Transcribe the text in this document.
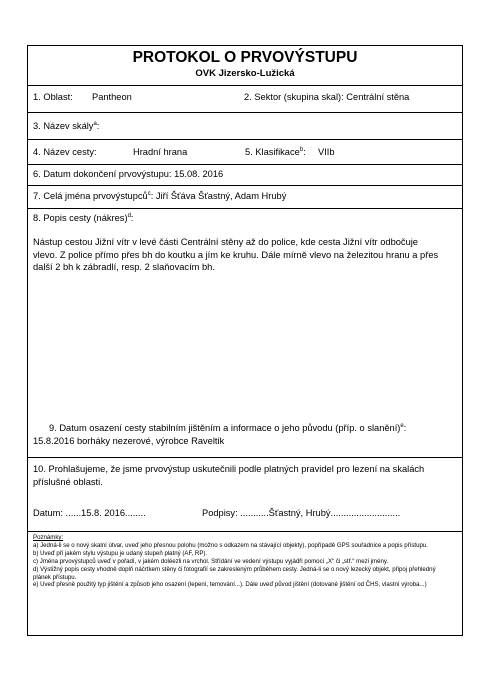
PROTOKOL O PRVOVÝSTUPU
OVK Jizersko-Lužická
1. Oblast: Pantheon	2. Sektor (skupina skal): Centrální stěna
3. Název skály$^a$:
4. Název cesty:	Hradní hrana	5. Klasifikace$^b$: VIIb
6. Datum dokončení prvovýstupu: 15.08. 2016
7. Celá jména prvovýstupců$^c$: Jiří Šťáva Šťastný, Adam Hrubý
8. Popis cesty (nákres)$^d$:
Nástup cestou Jižní vítr v levé části Centrální stěny až do police, kde cesta Jižní vítr odbočuje vlevo. Z police přímo přes bh do koutku a jím ke kruhu. Dále mírně vlevo na železitou hranu a přes další 2 bh k zábradlí, resp. 2 slaňovacím bh.
9. Datum osazení cesty stabilním jištěním a informace o jeho původu (příp. o slanění)$^e$:
15.8.2016 borháky nezerové, výrobce Raveltik
10. Prohlašujeme, že jsme prvovýstup uskutečnili podle platných pravidel pro lezení na skalách příslušné oblasti.
Datum: ......15.8. 2016........	Podpisy: ...........Šťastný, Hrubý...........................
Poznámky:
a) Jedná-li se o nový skalní útvar, uveď jeho přesnou polohu (možno s odkazem na stávající objekty), popřípadě GPS souřadnice a popis přístupu.
b) Uveď při jakém stylu výstupu je udaný stupeň platný (AF, RP).
c) Jména prvovýstupců uveď v pořadí, v jakém doléezli na vrchol. Střídání ve vedení výstupu vyjádři pomocí „X“ či „stř.“ mezi jmény.
d) Výstižný popis cesty vhodně doplň náčrtkem stěny či fotografií se zakresleným průběhem cesty. Jedná-li se o nový lezecký objekt, připoj přehledný plánek přístupu.
e) Uveď přesně použitý typ jištění a způsob jeho osazení (lepení, temování...). Dále uveď původ jištění (dotované jištění od ČHS, vlastní výroba...)
